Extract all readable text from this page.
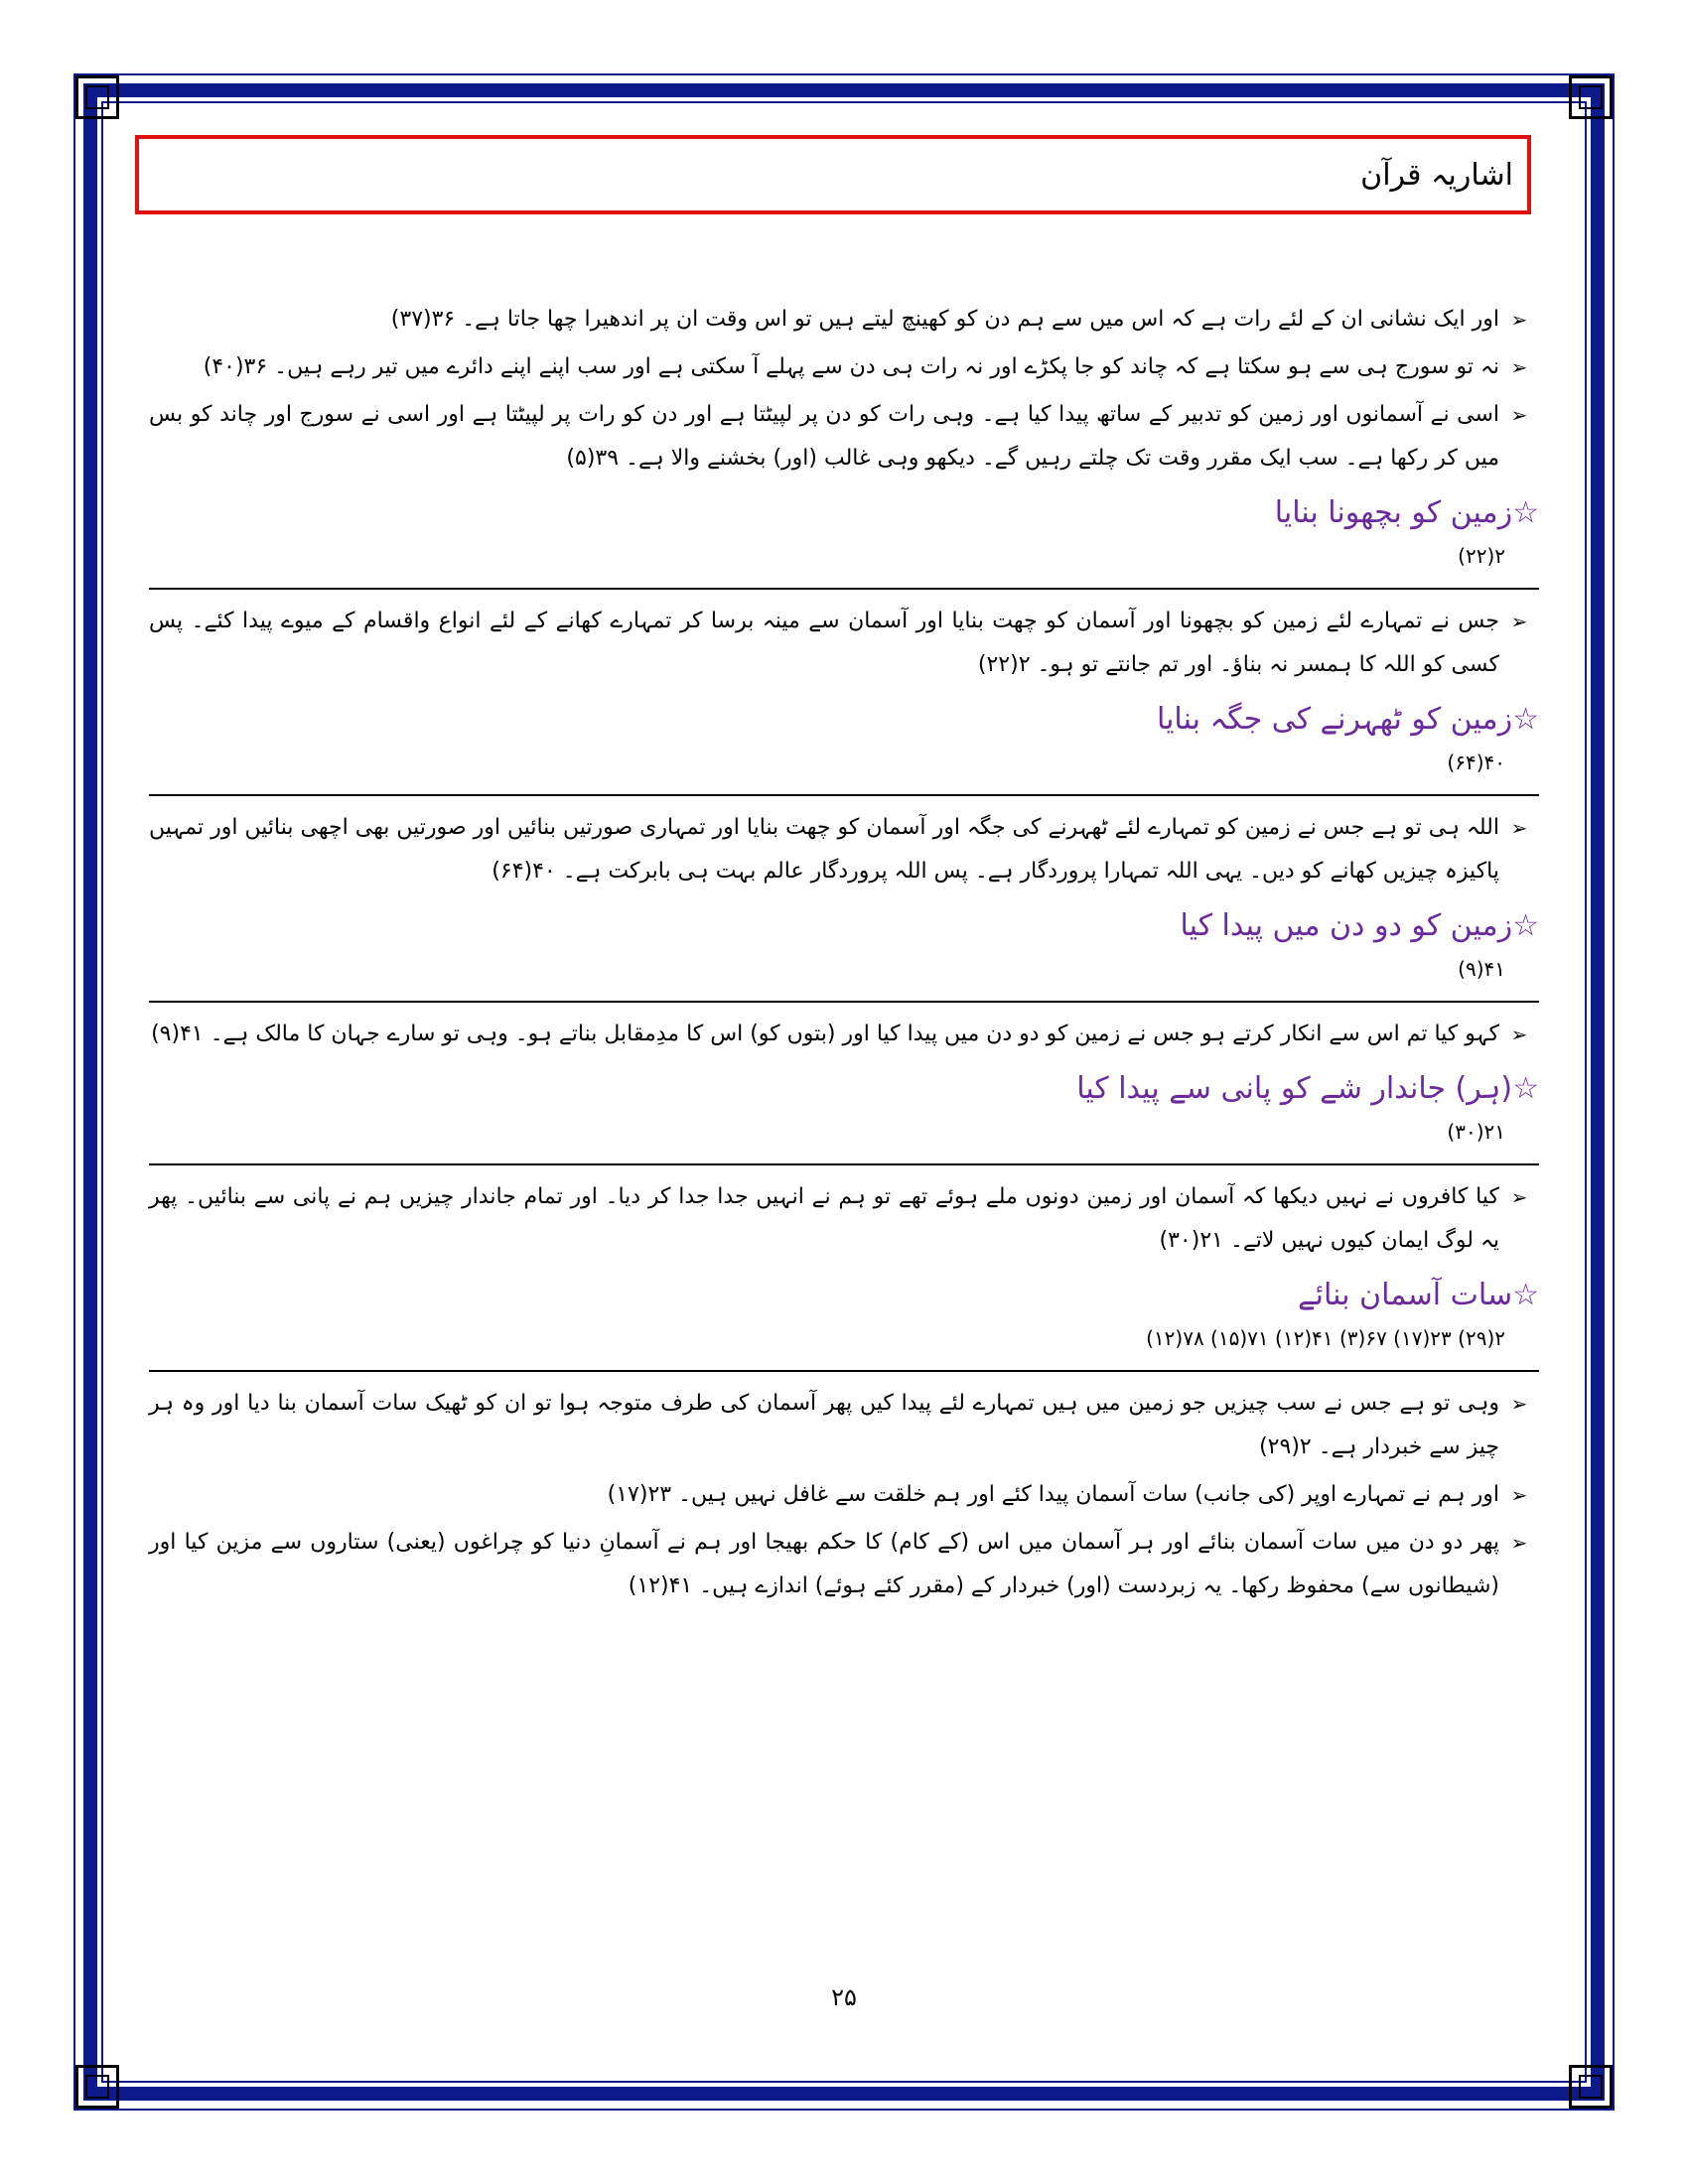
اشاریہ قرآن
➢
اور ایک نشانی ان کے لئے رات ہے کہ اس میں سے ہم دن کو کھینچ لیتے ہیں تو اس وقت ان پر اندھیرا چھا جاتا ہے۔ ۳۶(۳۷)
➢
نہ تو سورج ہی سے ہو سکتا ہے کہ چاند کو جا پکڑے اور نہ رات ہی دن سے پہلے آ سکتی ہے اور سب اپنے اپنے دائرے میں تیر رہے ہیں۔ ۳۶(۴۰)
➢
اسی نے آسمانوں اور زمین کو تدبیر کے ساتھ پیدا کیا ہے۔ وہی رات کو دن پر لپیٹتا ہے اور دن کو رات پر لپیٹتا ہے اور اسی نے سورج اور چاند کو بس میں کر رکھا ہے۔ سب ایک مقرر وقت تک چلتے رہیں گے۔ دیکھو وہی غالب (اور) بخشنے والا ہے۔ ۳۹(۵)
☆زمین کو بچھونا بنایا
۲(۲۲)
➢
جس نے تمہارے لئے زمین کو بچھونا اور آسمان کو چھت بنایا اور آسمان سے مینہ برسا کر تمہارے کھانے کے لئے انواع واقسام کے میوے پیدا کئے۔ پس کسی کو اللہ کا ہمسر نہ بناؤ۔ اور تم جانتے تو ہو۔ ۲(۲۲)
☆زمین کو ٹھہرنے کی جگہ بنایا
۴۰(۶۴)
➢
اللہ ہی تو ہے جس نے زمین کو تمہارے لئے ٹھہرنے کی جگہ اور آسمان کو چھت بنایا اور تمہاری صورتیں بنائیں اور صورتیں بھی اچھی بنائیں اور تمہیں پاکیزہ چیزیں کھانے کو دیں۔ یہی اللہ تمہارا پروردگار ہے۔ پس اللہ پروردگار عالم بہت ہی بابرکت ہے۔ ۴۰(۶۴)
☆زمین کو دو دن میں پیدا کیا
۴۱(۹)
➢
کہو کیا تم اس سے انکار کرتے ہو جس نے زمین کو دو دن میں پیدا کیا اور (بتوں کو) اس کا مدِمقابل بناتے ہو۔ وہی تو سارے جہان کا مالک ہے۔ ۴۱(۹)
☆(ہر) جاندار شے کو پانی سے پیدا کیا
۲۱(۳۰)
➢
کیا کافروں نے نہیں دیکھا کہ آسمان اور زمین دونوں ملے ہوئے تھے تو ہم نے انہیں جدا جدا کر دیا۔ اور تمام جاندار چیزیں ہم نے پانی سے بنائیں۔ پھر یہ لوگ ایمان کیوں نہیں لاتے۔ ۲۱(۳۰)
☆سات آسمان بنائے
۲(۲۹) ۲۳(۱۷) ۶۷(۳) ۴۱(۱۲) ۷۱(۱۵) ۷۸(۱۲)
➢
وہی تو ہے جس نے سب چیزیں جو زمین میں ہیں تمہارے لئے پیدا کیں پھر آسمان کی طرف متوجہ ہوا تو ان کو ٹھیک سات آسمان بنا دیا اور وہ ہر چیز سے خبردار ہے۔ ۲(۲۹)
➢
اور ہم نے تمہارے اوپر (کی جانب) سات آسمان پیدا کئے اور ہم خلقت سے غافل نہیں ہیں۔ ۲۳(۱۷)
➢
پھر دو دن میں سات آسمان بنائے اور ہر آسمان میں اس (کے کام) کا حکم بھیجا اور ہم نے آسمانِ دنیا کو چراغوں (یعنی) ستاروں سے مزین کیا اور (شیطانوں سے) محفوظ رکھا۔ یہ زبردست (اور) خبردار کے (مقرر کئے ہوئے) اندازے ہیں۔ ۴۱(۱۲)
۲۵
